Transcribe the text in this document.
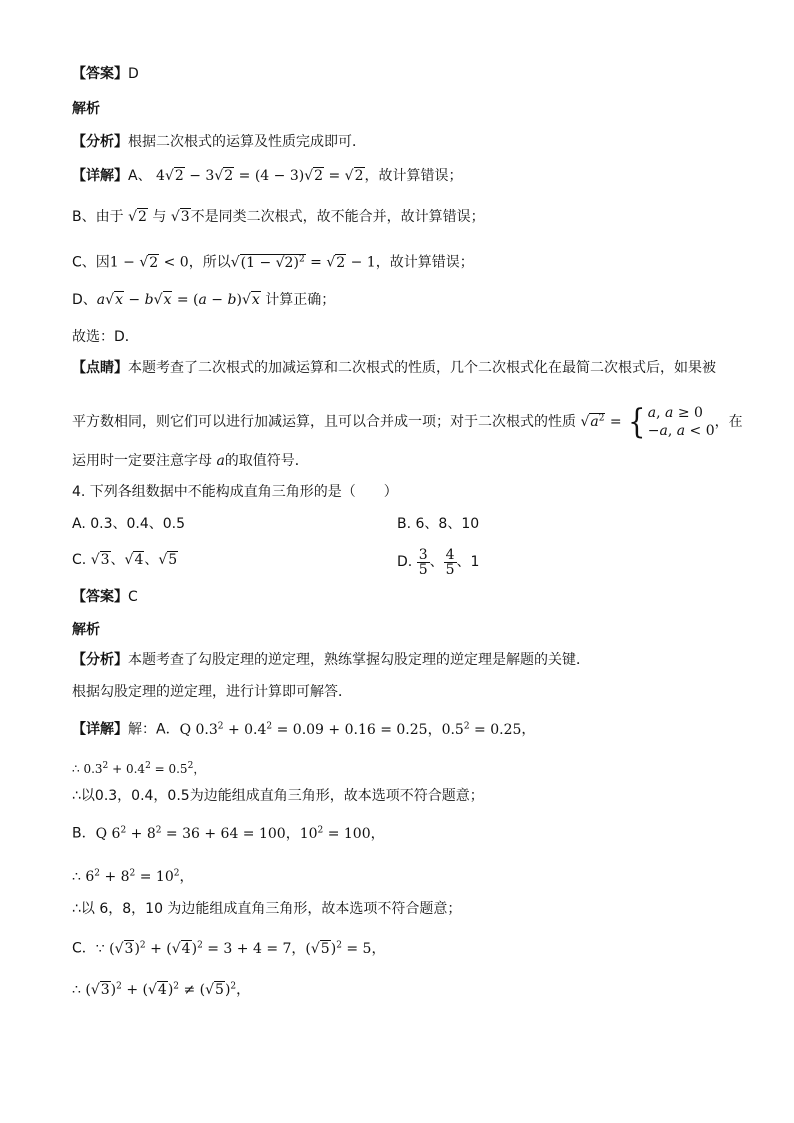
【答案】D
解析
【分析】根据二次根式的运算及性质完成即可．
【详解】A、 4√2 − 3√2 = (4 − 3)√2 = √2，故计算错误；
B、由于 √2 与 √3不是同类二次根式，故不能合并，故计算错误；
C、因1 − √2 < 0，所以$√(1 - √2)^2 = √2 - 1$，故计算错误；
D、a√x − b√x = (a − b)√x 计算正确；
故选：D．
【点睛】本题考查了二次根式的加减运算和二次根式的性质，几个二次根式化在最简二次根式后，如果被
平方数相同，则它们可以进行加减运算，且可以合并成一项；对于二次根式的性质 $√a^2$ = { a, a ≥ 0
−a, a < 0
，在
运用时一定要注意字母 a的取值符号．
4. 下列各组数据中不能构成直角三角形的是（　　）
A. 0.3、0.4、0.5	B. 6、8、10
C. √3、√4、√5	D. $\frac{3}{5}$ 、 $\frac{4}{5}$ 、1
【答案】C
解析
【分析】本题考查了勾股定理的逆定理，熟练掌握勾股定理的逆定理是解题的关键．
根据勾股定理的逆定理，进行计算即可解答．
【详解】解：A．Q $0.3^2 + 0.4^2 = 0.09 + 0.16 = 0.25$，$0.5^2 = 0.25$，
∴ $0.3^2 + 0.4^2 = 0.5^2$，
∴以0.3，0.4，0.5为边能组成直角三角形，故本选项不符合题意；
B．Q $6^2 + 8^2 = 36 + 64 = 100$，$10^2 = 100$，
∴ $6^2 + 8^2 = 10^2$，
∴以 6，8，10 为边能组成直角三角形，故本选项不符合题意；
C．∵ $(√3)^2 + (√4)^2 = 3 + 4 = 7$，$(√5)^2 = 5$，
∴ $(√3)^2 + (√4)^2 \ne (√5)^2$，
